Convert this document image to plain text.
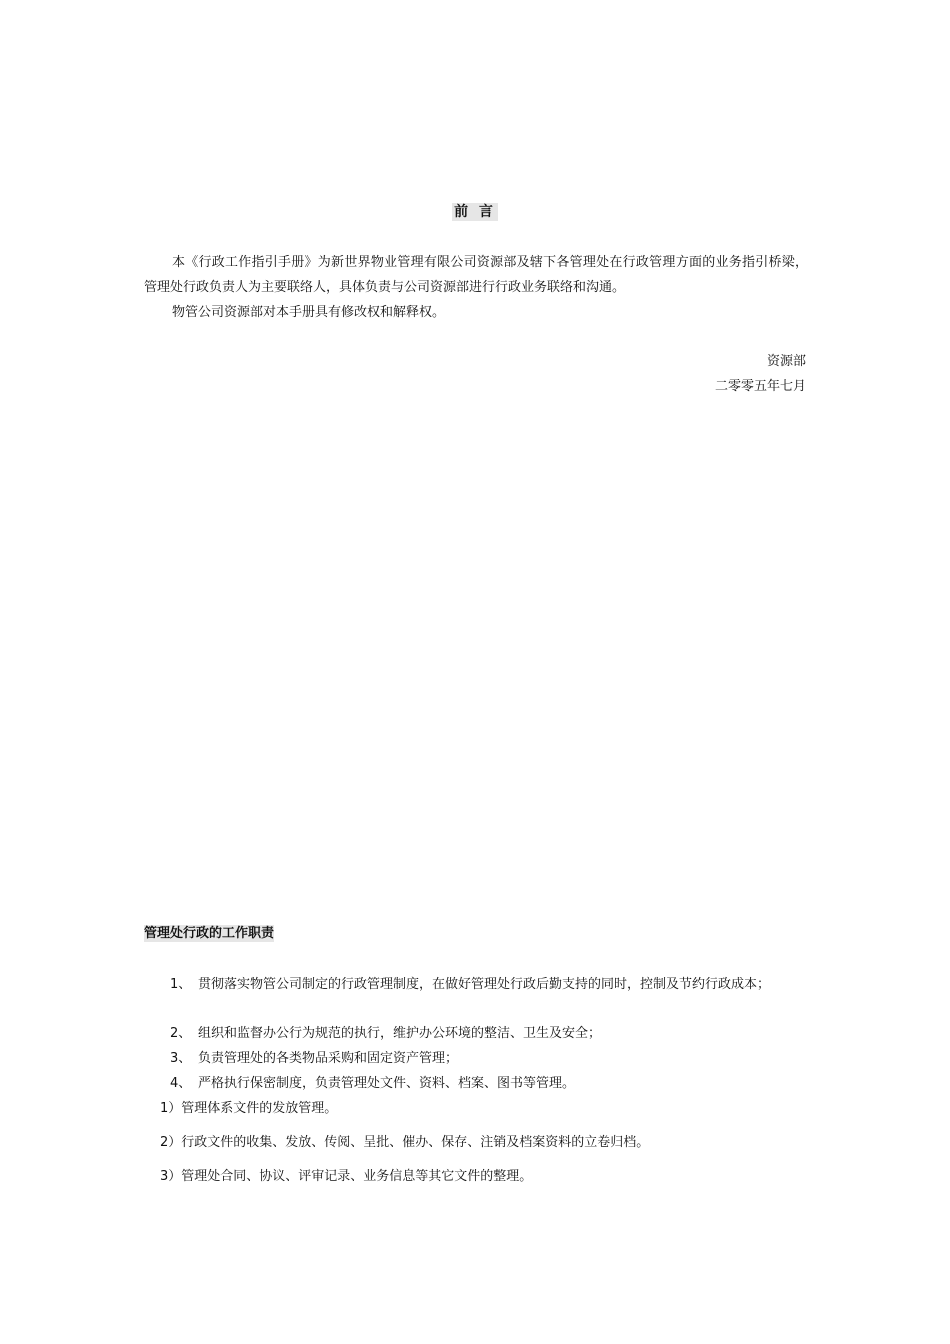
前 言
本《行政工作指引手册》为新世界物业管理有限公司资源部及辖下各管理处在行政管理方面的业务指引桥梁，管理处行政负责人为主要联络人，具体负责与公司资源部进行行政业务联络和沟通。
物管公司资源部对本手册具有修改权和解释权。
资源部
二零零五年七月
管理处行政的工作职责
1、 贯彻落实物管公司制定的行政管理制度，在做好管理处行政后勤支持的同时，控制及节约行政成本；
2、 组织和监督办公行为规范的执行，维护办公环境的整洁、卫生及安全；
3、 负责管理处的各类物品采购和固定资产管理；
4、 严格执行保密制度，负责管理处文件、资料、档案、图书等管理。
1）管理体系文件的发放管理。
2）行政文件的收集、发放、传阅、呈批、催办、保存、注销及档案资料的立卷归档。
3）管理处合同、协议、评审记录、业务信息等其它文件的整理。
